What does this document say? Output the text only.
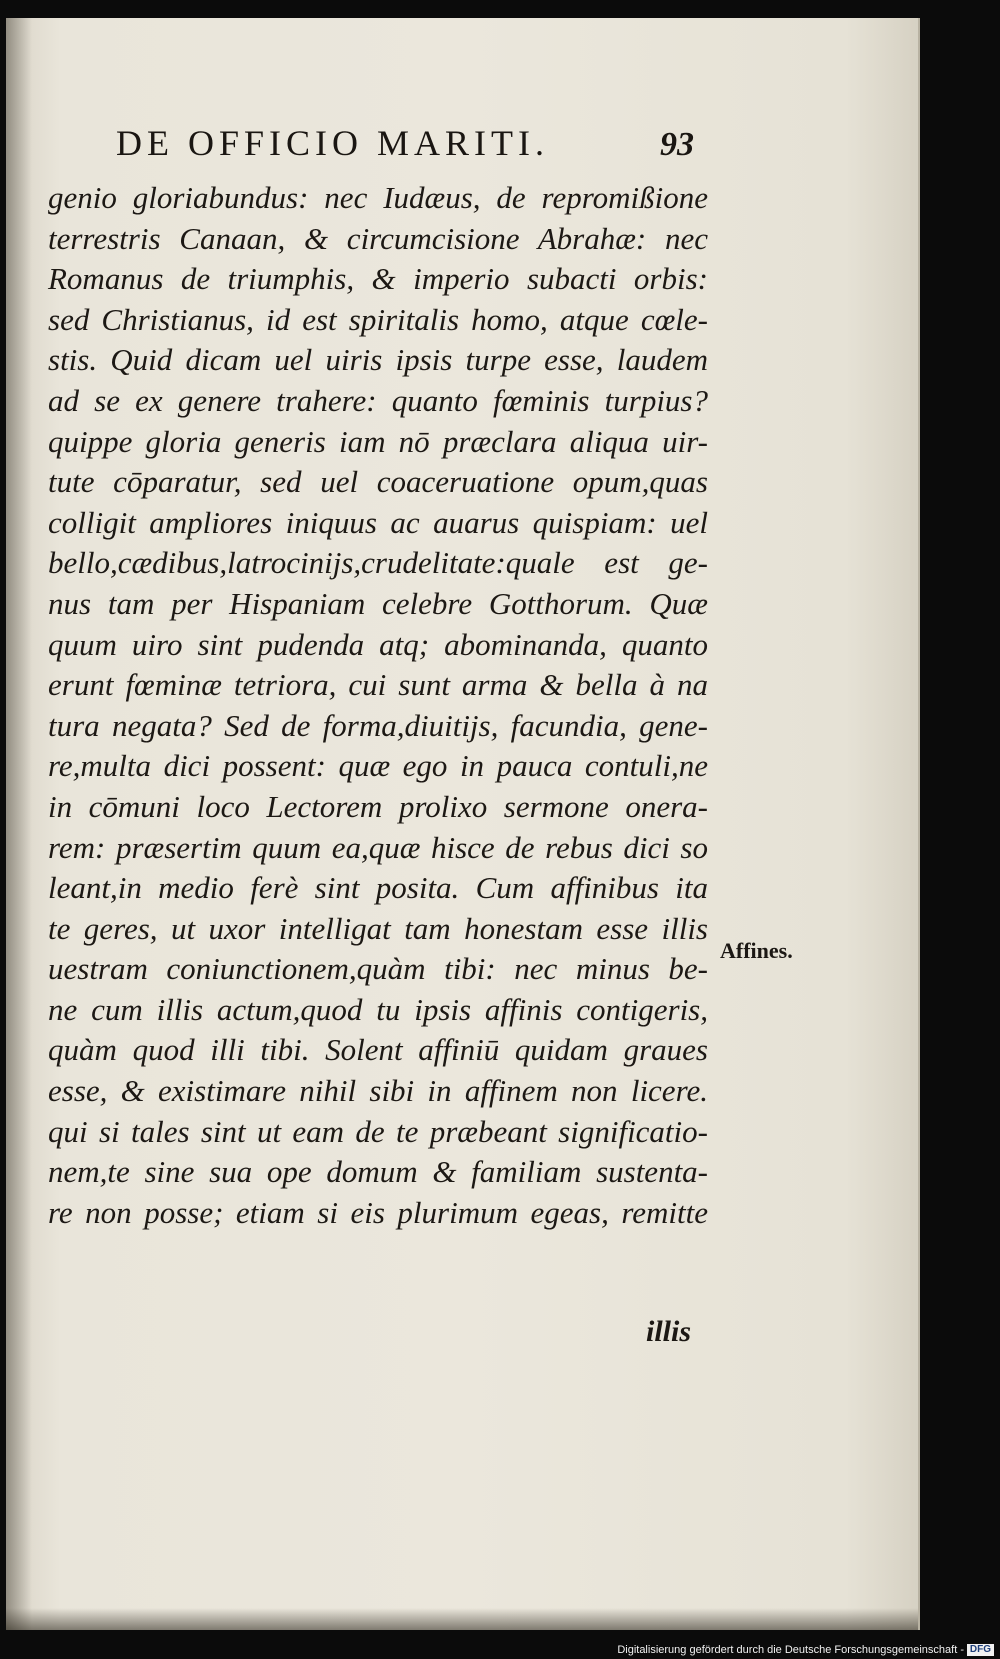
DE OFFICIO MARITI.	93
genio gloriabundus: nec Iudæus, de repromißione
terrestris Canaan, & circumcisione Abrahæ: nec
Romanus de triumphis, & imperio subacti orbis:
sed Christianus, id est spiritalis homo, atque cœle-
stis. Quid dicam uel uiris ipsis turpe esse, laudem
ad se ex genere trahere: quanto fœminis turpius?
quippe gloria generis iam nō præclara aliqua uir-
tute cōparatur, sed uel coaceruatione opum,quas
colligit ampliores iniquus ac auarus quispiam: uel
bello,cædibus,latrocinijs,crudelitate:quale est ge-
nus tam per Hispaniam celebre Gotthorum. Quæ
quum uiro sint pudenda atq; abominanda, quanto
erunt fœminæ tetriora, cui sunt arma & bella à na
tura negata? Sed de forma,diuitijs, facundia, gene-
re,multa dici possent: quæ ego in pauca contuli,ne
in cōmuni loco Lectorem prolixo sermone onera-
rem: præsertim quum ea,quæ hisce de rebus dici so
leant,in medio ferè sint posita. Cum affinibus ita
te geres, ut uxor intelligat tam honestam esse illis
uestram coniunctionem,quàm tibi: nec minus be-
ne cum illis actum,quod tu ipsis affinis contigeris,
quàm quod illi tibi. Solent affiniū quidam graues
esse, & existimare nihil sibi in affinem non licere.
qui si tales sint ut eam de te præbeant significatio-
nem,te sine sua ope domum & familiam sustenta-
re non posse; etiam si eis plurimum egeas, remitte
illis
Affines.
Digitalisierung gefördert durch die Deutsche Forschungsgemeinschaft - DFG
